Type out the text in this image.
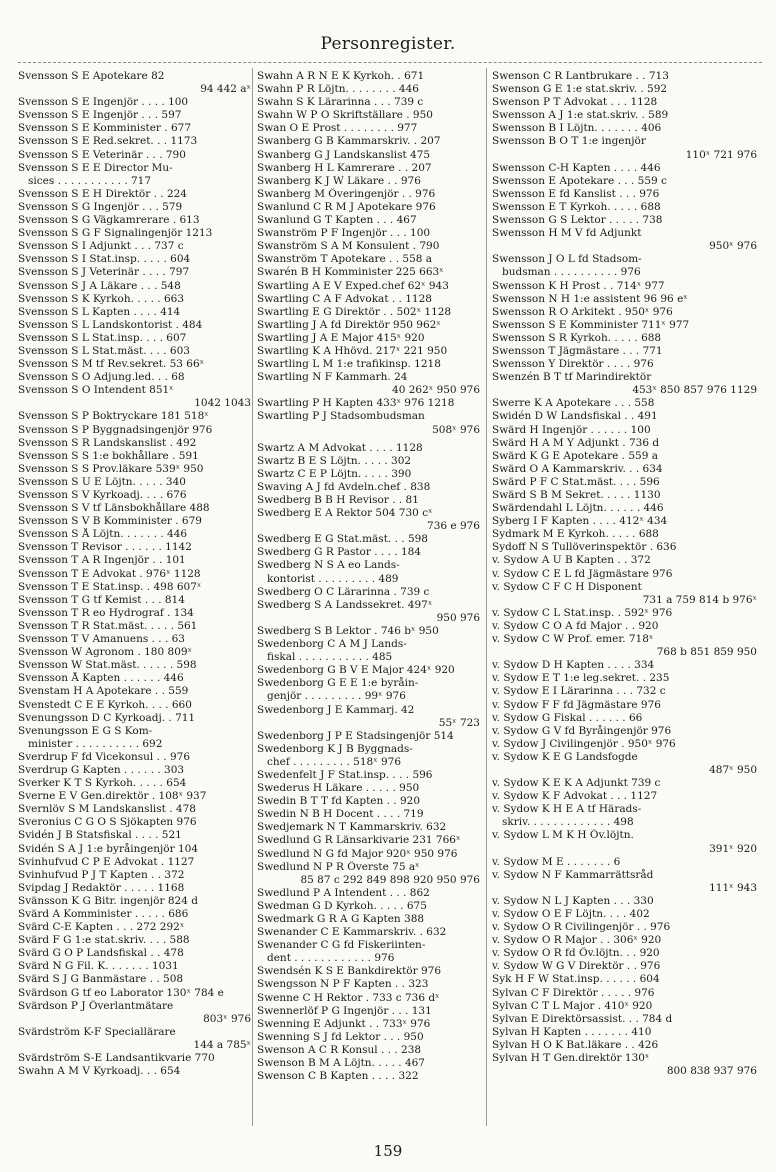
Personregister.
Svensson S E Apotekare 82
94 442 aˣ
Svensson S E Ingenjör . . . . 100
Svensson S E Ingenjör . . . 597
Svensson S E Komminister . 677
Svensson S E Red.sekret. . . 1173
Svensson S E Veterinär . . . 790
Svensson S E E Director Mu-
sices . . . . . . . . . . . 717
Svensson S E H Direktör . . 224
Svensson S G Ingenjör . . . 579
Svensson S G Vägkamrerare . 613
Svensson S G F Signalingenjör 1213
Svensson S I Adjunkt . . . 737 c
Svensson S I Stat.insp. . . . . 604
Svensson S J Veterinär . . . . 797
Svensson S J A Läkare . . . 548
Svensson S K Kyrkoh. . . . . 663
Svensson S L Kapten . . . . 414
Svensson S L Landskontorist . 484
Svensson S L Stat.insp. . . . 607
Svensson S L Stat.mäst. . . . 603
Svensson S M tf Rev.sekret. 53 66ˣ
Svensson S O Adjung.led. . . 68
Svensson S O Intendent 851ˣ
1042 1043
Svensson S P Boktryckare 181 518ˣ
Svensson S P Byggnadsingenjör 976
Svensson S R Landskanslist . 492
Svensson S S 1:e bokhållare . 591
Svensson S S Prov.läkare 539ˣ 950
Svensson S U E Löjtn. . . . . 340
Svensson S V Kyrkoadj. . . . 676
Svensson S V tf Länsbokhållare 488
Svensson S V B Komminister . 679
Svensson S Å Löjtn. . . . . . . 446
Svensson T Revisor . . . . . . 1142
Svensson T A R Ingenjör . . 101
Svensson T E Advokat . 976ˣ 1128
Svensson T E Stat.insp. . 498 607ˣ
Svensson T G tf Kemist . . . 814
Svensson T R eo Hydrograf . 134
Svensson T R Stat.mäst. . . . . 561
Svensson T V Amanuens . . . 63
Svensson W Agronom . 180 809ˣ
Svensson W Stat.mäst. . . . . . 598
Svensson Å Kapten . . . . . . 446
Svenstam H A Apotekare . . 559
Svenstedt C E E Kyrkoh. . . . 660
Svenungsson D C Kyrkoadj. . 711
Svenungsson E G S Kom-
minister . . . . . . . . . . 692
Sverdrup F fd Vicekonsul . . 976
Sverdrup G Kapten . . . . . . 303
Sverker K T S Kyrkoh. . . . . 654
Sverne E V Gen.direktör . 108ˣ 937
Svernlöv S M Landskanslist . 478
Sveronius C G O S Sjökapten 976
Svidén J B Statsfiskal . . . . 521
Svidén S A J 1:e byråingenjör 104
Svinhufvud C P E Advokat . 1127
Svinhufvud P J T Kapten . . 372
Svipdag J Redaktör . . . . . 1168
Svänsson K G Bitr. ingenjör 824 d
Svärd A Komminister . . . . . 686
Svärd C-E Kapten . . . 272 292ˣ
Svärd F G 1:e stat.skriv. . . . 588
Svärd G O P Landsfiskal . . 478
Svärd N G Fil. K. . . . . . . 1031
Svärd S J G Banmästare . . 508
Svärdson G tf eo Laborator 130ˣ 784 e
Svärdson P J Överlantmätare
803ˣ 976
Svärdström K-F Speciallärare
144 a 785ˣ
Svärdström S-E Landsantikvarie 770
Swahn A M V Kyrkoadj. . . 654
Swahn A R N E K Kyrkoh. . 671
Swahn P R Löjtn. . . . . . . . 446
Swahn S K Lärarinna . . . 739 c
Swahn W P O Skriftställare . 950
Swan O E Prost . . . . . . . . 977
Swanberg G B Kammarskriv. . 207
Swanberg G J Landskanslist 475
Swanberg H L Kamrerare . . 207
Swanberg K J W Läkare . . 976
Swanberg M Överingenjör . . 976
Swanlund C R M J Apotekare 976
Swanlund G T Kapten . . . 467
Swanström P F Ingenjör . . . 100
Swanström S A M Konsulent . 790
Swanström T Apotekare . . 558 a
Swarén B H Komminister 225 663ˣ
Swartling A E V Exped.chef 62ˣ 943
Swartling C A F Advokat . . 1128
Swartling E G Direktör . . 502ˣ 1128
Swartling J A fd Direktör 950 962ˣ
Swartling J A E Major 415ˣ 920
Swartling K A Hhövd. 217ˣ 221 950
Swartling L M 1:e trafikinsp. 1218
Swartling N F Kammarh. 24
40 262ˣ 950 976
Swartling P H Kapten 433ˣ 976 1218
Swartling P J Stadsombudsman
508ˣ 976
Swartz A M Advokat . . . . 1128
Swartz B E S Löjtn. . . . . 302
Swartz C E P Löjtn. . . . . 390
Swaving A J fd Avdeln.chef . 838
Swedberg B B H Revisor . . 81
Swedberg E A Rektor 504 730 cˣ
736 e 976
Swedberg E G Stat.mäst. . . 598
Swedberg G R Pastor . . . . 184
Swedberg N S A eo Lands-
kontorist . . . . . . . . . 489
Swedberg O C Lärarinna . 739 c
Swedberg S A Landssekret. 497ˣ
950 976
Swedberg S B Lektor . 746 bˣ 950
Swedenborg C A M J Lands-
fiskal . . . . . . . . . . . 485
Swedenborg G B V E Major 424ˣ 920
Swedenborg G E E 1:e byråin-
genjör . . . . . . . . . 99ˣ 976
Swedenborg J E Kammarj. 42
55ˣ 723
Swedenborg J P E Stadsingenjör 514
Swedenborg K J B Byggnads-
chef . . . . . . . . . 518ˣ 976
Swedenfelt J F Stat.insp. . . . 596
Swederus H Läkare . . . . . 950
Swedin B T T fd Kapten . . 920
Swedin N B H Docent . . . . 719
Swedjemark N T Kammarskriv. 632
Swedlund G R Länsarkivarie 231 766ˣ
Swedlund N G fd Major 920ˣ 950 976
Swedlund N P R Överste 75 aˣ
85 87 c 292 849 898 920 950 976
Swedlund P A Intendent . . . 862
Swedman G D Kyrkoh. . . . . 675
Swedmark G R A G Kapten 388
Swenander C E Kammarskriv. . 632
Swenander C G fd Fiskeriinten-
dent . . . . . . . . . . . . 976
Swendsén K S E Bankdirektör 976
Swengsson N P F Kapten . . 323
Swenne C H Rektor . 733 c 736 dˣ
Swennerlöf P G Ingenjör . . . 131
Swenning E Adjunkt . . 733ˣ 976
Swenning S J fd Lektor . . . 950
Swenson A C R Konsul . . . 238
Swenson B M A Löjtn. . . . . 467
Swenson C B Kapten . . . . 322
Swenson C R Lantbrukare . . 713
Swenson G E 1:e stat.skriv. . 592
Swenson P T Advokat . . . 1128
Swensson A J 1:e stat.skriv. . 589
Swensson B I Löjtn. . . . . . . 406
Swensson B O T 1:e ingenjör
110ˣ 721 976
Swensson C-H Kapten . . . . 446
Swensson E Apotekare . . . 559 c
Swensson E fd Kanslist . . . 976
Swensson E T Kyrkoh. . . . . 688
Swensson G S Lektor . . . . . 738
Swensson H M V fd Adjunkt
950ˣ 976
Swensson J O L fd Stadsom-
budsman . . . . . . . . . . 976
Swensson K H Prost . . 714ˣ 977
Swensson N H 1:e assistent 96 96 eˣ
Swensson R O Arkitekt . 950ˣ 976
Swensson S E Komminister 711ˣ 977
Swensson S R Kyrkoh. . . . . 688
Swensson T Jägmästare . . . 771
Swensson Y Direktör . . . . 976
Swenzén B T tf Marindirektör
453ˣ 850 857 976 1129
Swerre K A Apotekare . . . 558
Swidén D W Landsfiskal . . 491
Swärd H Ingenjör . . . . . . 100
Swärd H A M Y Adjunkt . 736 d
Swärd K G E Apotekare . 559 a
Swärd O A Kammarskriv. . . 634
Swärd P F C Stat.mäst. . . . 596
Swärd S B M Sekret. . . . . 1130
Swärdendahl L Löjtn. . . . . . 446
Syberg I F Kapten . . . . 412ˣ 434
Sydmark M E Kyrkoh. . . . . 688
Sydoff N S Tullöverinspektör . 636
v. Sydow A U B Kapten . . 372
v. Sydow C E L fd Jägmästare 976
v. Sydow C F C H Disponent
731 a 759 814 b 976ˣ
v. Sydow C L Stat.insp. . 592ˣ 976
v. Sydow C O A fd Major . . 920
v. Sydow C W Prof. emer. 718ˣ
768 b 851 859 950
v. Sydow D H Kapten . . . . 334
v. Sydow E T 1:e leg.sekret. . 235
v. Sydow E I Lärarinna . . . 732 c
v. Sydow F F fd Jägmästare 976
v. Sydow G Fiskal . . . . . . 66
v. Sydow G V fd Byråingenjör 976
v. Sydow J Civilingenjör . 950ˣ 976
v. Sydow K E G Landsfogde
487ˣ 950
v. Sydow K E K A Adjunkt 739 c
v. Sydow K F Advokat . . . 1127
v. Sydow K H E A tf Härads-
skriv. . . . . . . . . . . . . 498
v. Sydow L M K H Öv.löjtn.
391ˣ 920
v. Sydow M E . . . . . . . 6
v. Sydow N F Kammarrättsråd
111ˣ 943
v. Sydow N L J Kapten . . . 330
v. Sydow O E F Löjtn. . . . 402
v. Sydow O R Civilingenjör . . 976
v. Sydow O R Major . . 306ˣ 920
v. Sydow O R fd Öv.löjtn. . . 920
v. Sydow W G V Direktör . . 976
Syk H F W Stat.insp. . . . . . 604
Sylvan C F Direktör . . . . . 976
Sylvan C T L Major . 410ˣ 920
Sylvan E Direktörsassist. . . 784 d
Sylvan H Kapten . . . . . . . 410
Sylvan H O K Bat.läkare . . 426
Sylvan H T Gen.direktör 130ˣ
800 838 937 976
159
